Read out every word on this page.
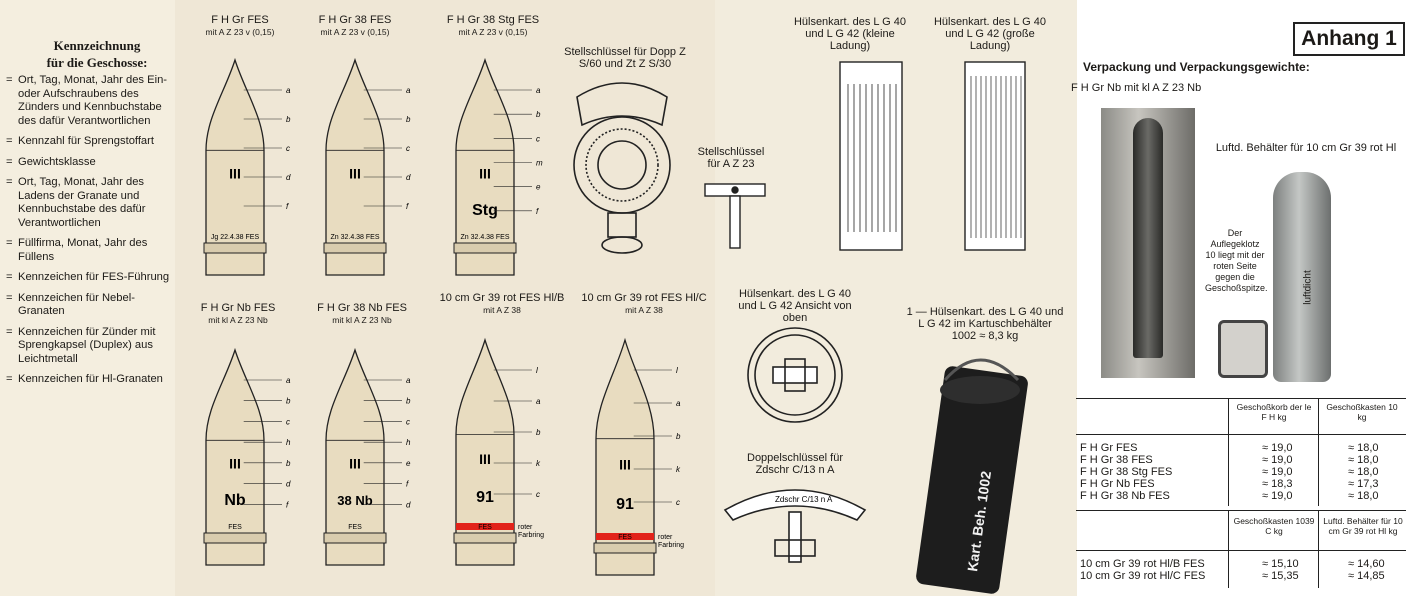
Kennzeichnung
für die Geschosse:
= Ort, Tag, Monat, Jahr des Ein- oder Aufschraubens des Zünders und Kennbuchstabe des dafür Verantwortlichen
= Kennzahl für Sprengstoffart
= Gewichtsklasse
= Ort, Tag, Monat, Jahr des Ladens der Granate und Kennbuchstabe des dafür Verantwortlichen
= Füllfirma, Monat, Jahr des Füllens
= Kennzeichen für FES-Führung
= Kennzeichen für Nebel-Granaten
= Kennzeichen für Zünder mit Sprengkapsel (Duplex) aus Leichtmetall
= Kennzeichen für Hl-Granaten
F H Gr FES
mit A Z 23 v (0,15)
F H Gr 38 FES
mit A Z 23 v (0,15)
F H Gr 38 Stg FES
mit A Z 23 v (0,15)
F H Gr Nb FES
mit kl A Z 23 Nb
F H Gr 38 Nb FES
mit kl A Z 23 Nb
10 cm Gr 39 rot FES Hl/B
mit A Z 38
10 cm Gr 39 rot FES Hl/C
mit A Z 38
III
Jg 22.4.38 FES
a
b
c
d
f
III
Zn 32.4.38 FES
a
b
c
d
f
III
Stg
Zn 32.4.38 FES
a
b
c
m
e
f
III
Nb
FES
a
b
c
h
b
d
f
III
38 Nb
FES
a
b
c
h
e
f
d
III
91
FES
l
a
b
k
c
roter
Farbring
III
91
FES
l
a
b
k
c
roter
Farbring
Zdschr C/13 n A	Kart. Beh. 1002
Stellschlüssel für Dopp Z S/60 und Zt Z S/30
Stellschlüssel für A Z 23
Doppelschlüssel für Zdschr C/13 n A
Hülsenkart. des L G 40 und L G 42 (kleine Ladung)
Hülsenkart. des L G 40 und L G 42 (große Ladung)
Hülsenkart. des L G 40 und L G 42 Ansicht von oben	1 — Hülsenkart. des L G 40 und L G 42 im Kartuschbehälter 1002 ≈ 8,3 kg
Anhang 1
Verpackung und Verpackungsgewichte:
F H Gr Nb mit kl A Z 23 Nb
Luftd. Behälter für 10 cm Gr 39 rot Hl
luftdicht
Der Auflegeklotz 10 liegt mit der roten Seite gegen die Geschoßspitze.
Geschoßkorb der le F H kg
Geschoßkasten 10 kg
F H Gr FES	≈ 19,0	≈ 18,0
F H Gr 38 FES	≈ 19,0	≈ 18,0
F H Gr 38 Stg FES	≈ 19,0	≈ 18,0
F H Gr Nb FES	≈ 18,3	≈ 17,3
F H Gr 38 Nb FES	≈ 19,0	≈ 18,0
Geschoßkasten 1039 C kg
Luftd. Behälter für 10 cm Gr 39 rot Hl kg
10 cm Gr 39 rot Hl/B FES	≈ 15,10	≈ 14,60
10 cm Gr 39 rot Hl/C FES	≈ 15,35	≈ 14,85
